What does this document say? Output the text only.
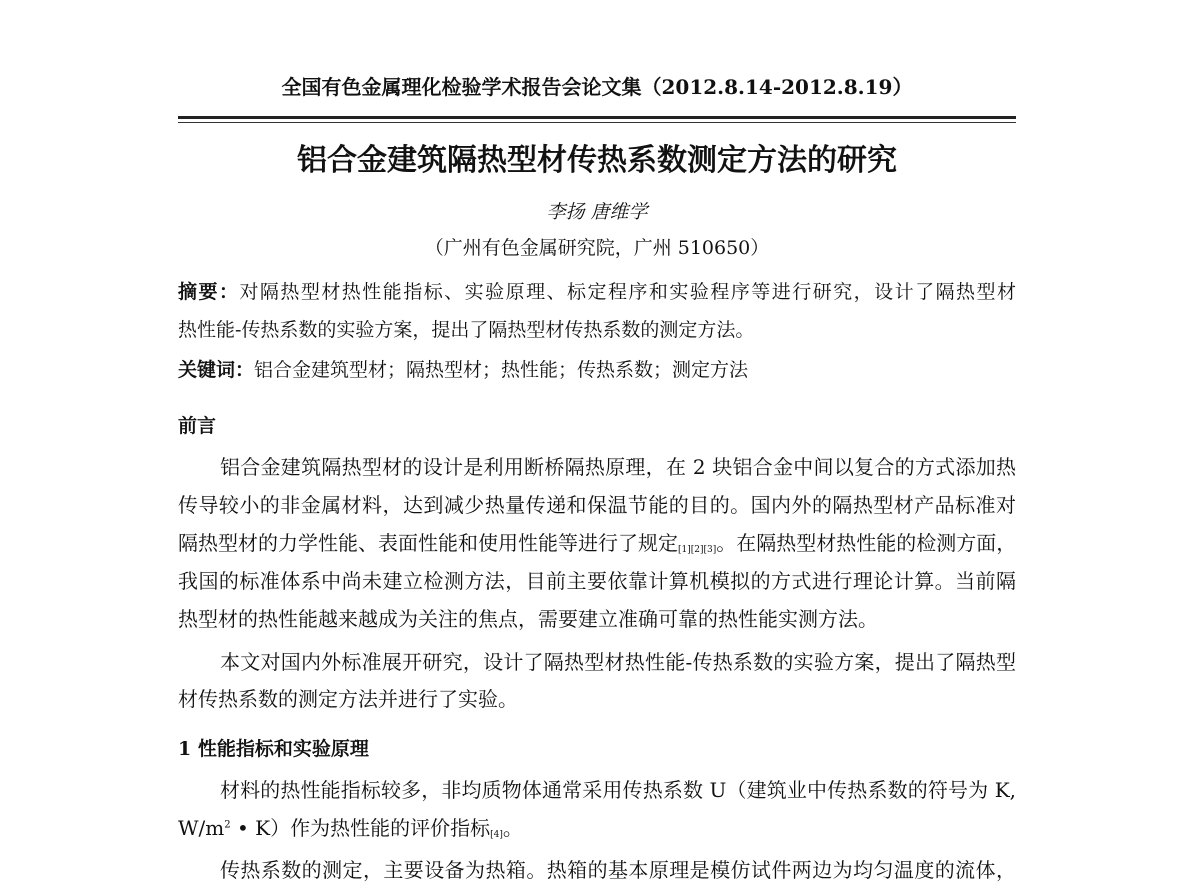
全国有色金属理化检验学术报告会论文集（2012.8.14-2012.8.19）
铝合金建筑隔热型材传热系数测定方法的研究
李扬 唐维学
（广州有色金属研究院，广州 510650）
摘要：对隔热型材热性能指标、实验原理、标定程序和实验程序等进行研究，设计了隔热型材
热性能-传热系数的实验方案，提出了隔热型材传热系数的测定方法。
关键词：铝合金建筑型材；隔热型材；热性能；传热系数；测定方法
前言
铝合金建筑隔热型材的设计是利用断桥隔热原理，在 2 块铝合金中间以复合的方式添加热
传导较小的非金属材料，达到减少热量传递和保温节能的目的。国内外的隔热型材产品标准对
隔热型材的力学性能、表面性能和使用性能等进行了规定$_{[1][2][3]}$。在隔热型材热性能的检测方面，
我国的标准体系中尚未建立检测方法，目前主要依靠计算机模拟的方式进行理论计算。当前隔
热型材的热性能越来越成为关注的焦点，需要建立准确可靠的热性能实测方法。
本文对国内外标准展开研究，设计了隔热型材热性能-传热系数的实验方案，提出了隔热型
材传热系数的测定方法并进行了实验。
1 性能指标和实验原理
材料的热性能指标较多，非均质物体通常采用传热系数 U（建筑业中传热系数的符号为 K,
$W/m^2$ • K）作为热性能的评价指标$_{[4]}$。
传热系数的测定，主要设备为热箱。热箱的基本原理是模仿试件两边为均匀温度的流体，
